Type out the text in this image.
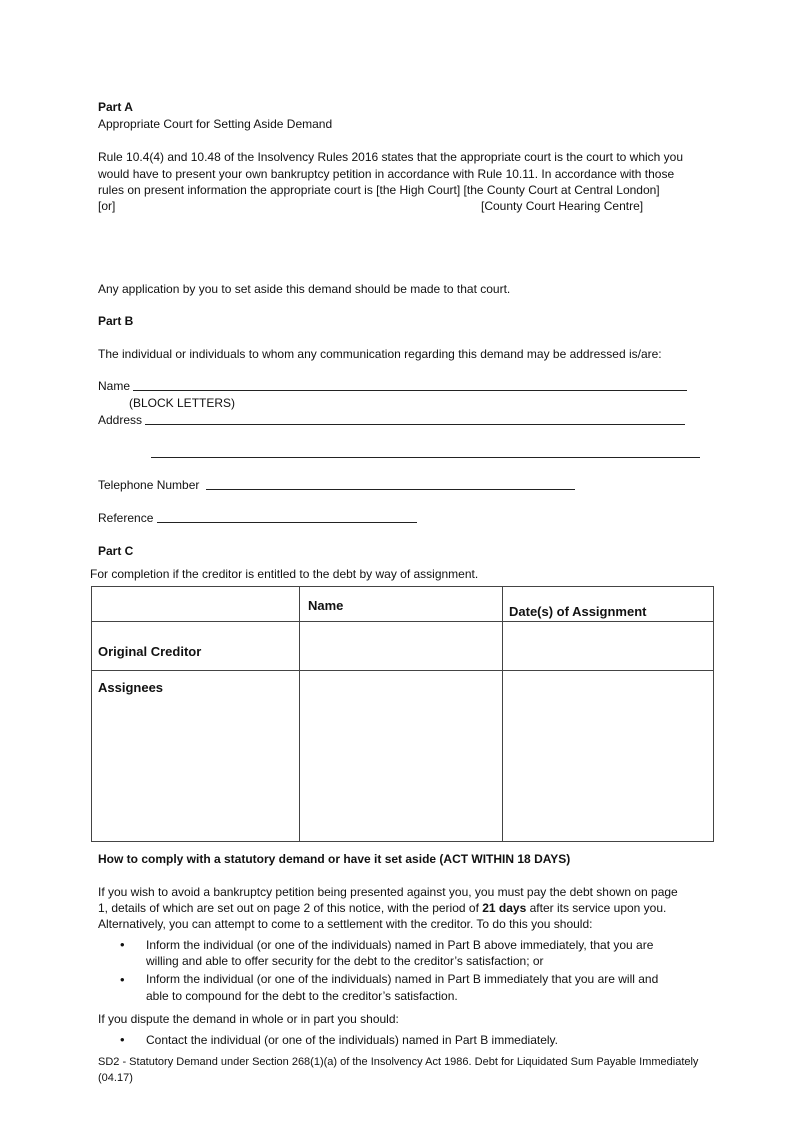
Part A
Appropriate Court for Setting Aside Demand
Rule 10.4(4) and 10.48 of the Insolvency Rules 2016 states that the appropriate court is the court to which you
would have to present your own bankruptcy petition in accordance with Rule 10.11. In accordance with those
rules on present information the appropriate court is [the High Court] [the County Court at Central London]
[or]	[County Court Hearing Centre]
Any application by you to set aside this demand should be made to that court.
Part B
The individual or individuals to whom any communication regarding this demand may be addressed is/are:
Name
(BLOCK LETTERS)
Address
Telephone Number
Reference
Part C
For completion if the creditor is entitled to the debt by way of assignment.
Name	Date(s) of Assignment
Original Creditor
Assignees
How to comply with a statutory demand or have it set aside (ACT WITHIN 18 DAYS)
If you wish to avoid a bankruptcy petition being presented against you, you must pay the debt shown on page
1, details of which are set out on page 2 of this notice, with the period of 21 days after its service upon you.
Alternatively, you can attempt to come to a settlement with the creditor. To do this you should:
• Inform the individual (or one of the individuals) named in Part B above immediately, that you are
willing and able to offer security for the debt to the creditor’s satisfaction; or
• Inform the individual (or one of the individuals) named in Part B immediately that you are will and
able to compound for the debt to the creditor’s satisfaction.
If you dispute the demand in whole or in part you should:
• Contact the individual (or one of the individuals) named in Part B immediately.
SD2 - Statutory Demand under Section 268(1)(a) of the Insolvency Act 1986. Debt for Liquidated Sum Payable Immediately
(04.17)
